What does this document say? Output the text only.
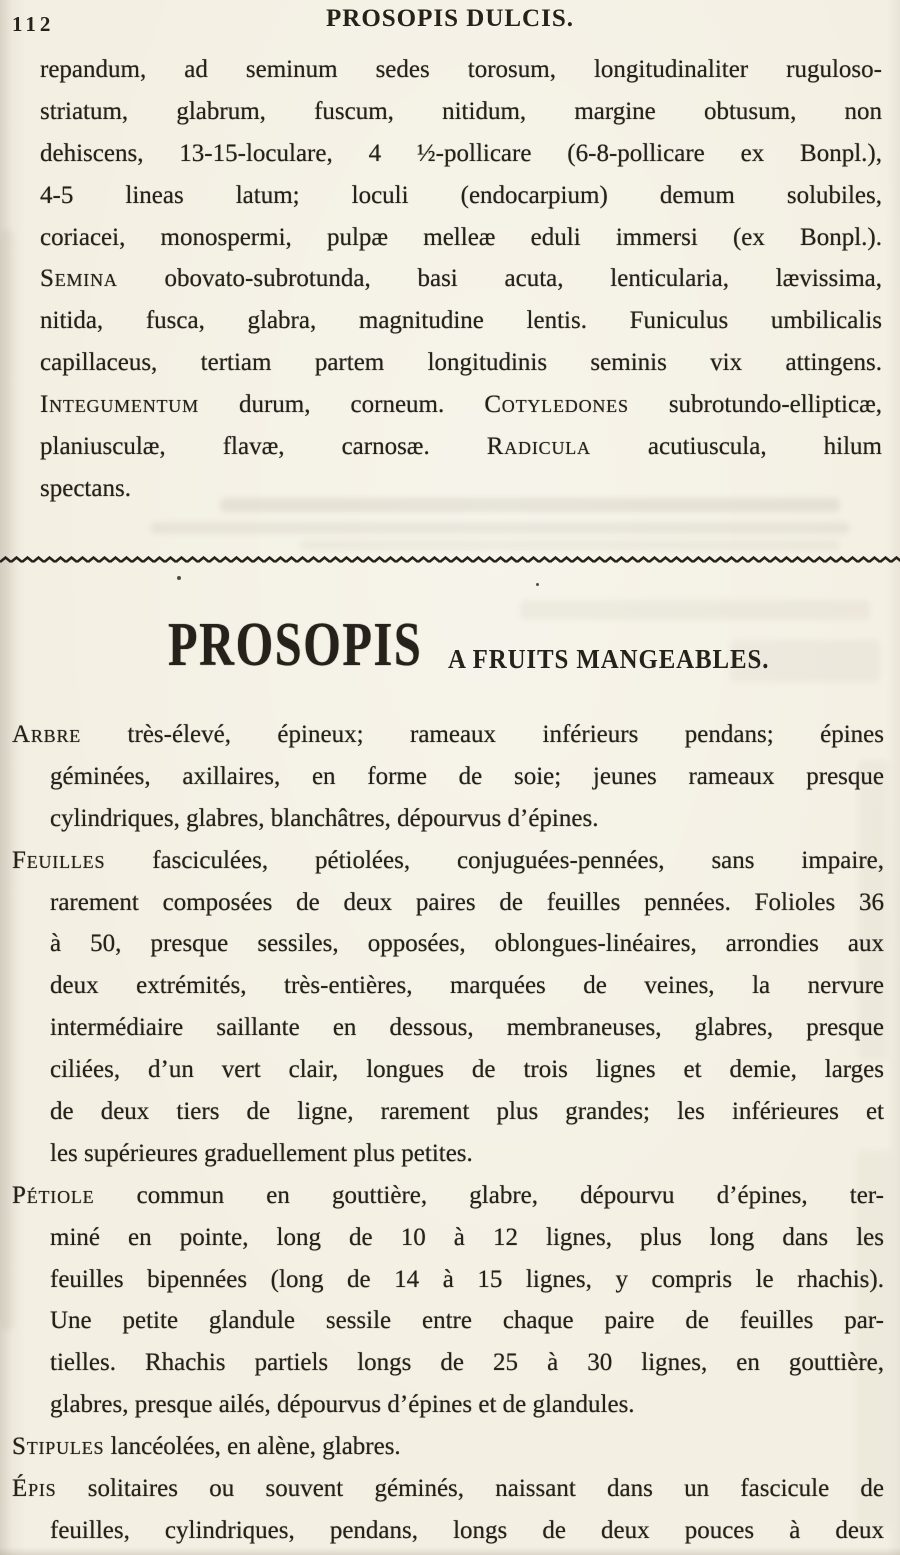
112	PROSOPIS DULCIS.
repandum, ad seminum sedes torosum, longitudinaliter ruguloso-
striatum, glabrum, fuscum, nitidum, margine obtusum, non
dehiscens, 13-15-loculare, 4 ½-pollicare (6-8-pollicare ex Bonpl.),
4-5 lineas latum; loculi (endocarpium) demum solubiles,
coriacei, monospermi, pulpæ melleæ eduli immersi (ex Bonpl.).
Semina obovato-subrotunda, basi acuta, lenticularia, lævissima,
nitida, fusca, glabra, magnitudine lentis. Funiculus umbilicalis
capillaceus, tertiam partem longitudinis seminis vix attingens.
Integumentum durum, corneum. Cotyledones subrotundo-ellipticæ,
planiusculæ, flavæ, carnosæ. Radicula acutiuscula, hilum
spectans.
PROSOPIS A FRUITS MANGEABLES.
Arbre très-élevé, épineux; rameaux inférieurs pendans; épines
géminées, axillaires, en forme de soie; jeunes rameaux presque
cylindriques, glabres, blanchâtres, dépourvus d’épines.
Feuilles fasciculées, pétiolées, conjuguées-pennées, sans impaire,
rarement composées de deux paires de feuilles pennées. Folioles 36
à 50, presque sessiles, opposées, oblongues-linéaires, arrondies aux
deux extrémités, très-entières, marquées de veines, la nervure
intermédiaire saillante en dessous, membraneuses, glabres, presque
ciliées, d’un vert clair, longues de trois lignes et demie, larges
de deux tiers de ligne, rarement plus grandes; les inférieures et
les supérieures graduellement plus petites.
Pétiole commun en gouttière, glabre, dépourvu d’épines, ter-
miné en pointe, long de 10 à 12 lignes, plus long dans les
feuilles bipennées (long de 14 à 15 lignes, y compris le rhachis).
Une petite glandule sessile entre chaque paire de feuilles par-
tielles. Rhachis partiels longs de 25 à 30 lignes, en gouttière,
glabres, presque ailés, dépourvus d’épines et de glandules.
Stipules lancéolées, en alène, glabres.
Épis solitaires ou souvent géminés, naissant dans un fascicule de
feuilles, cylindriques, pendans, longs de deux pouces à deux
